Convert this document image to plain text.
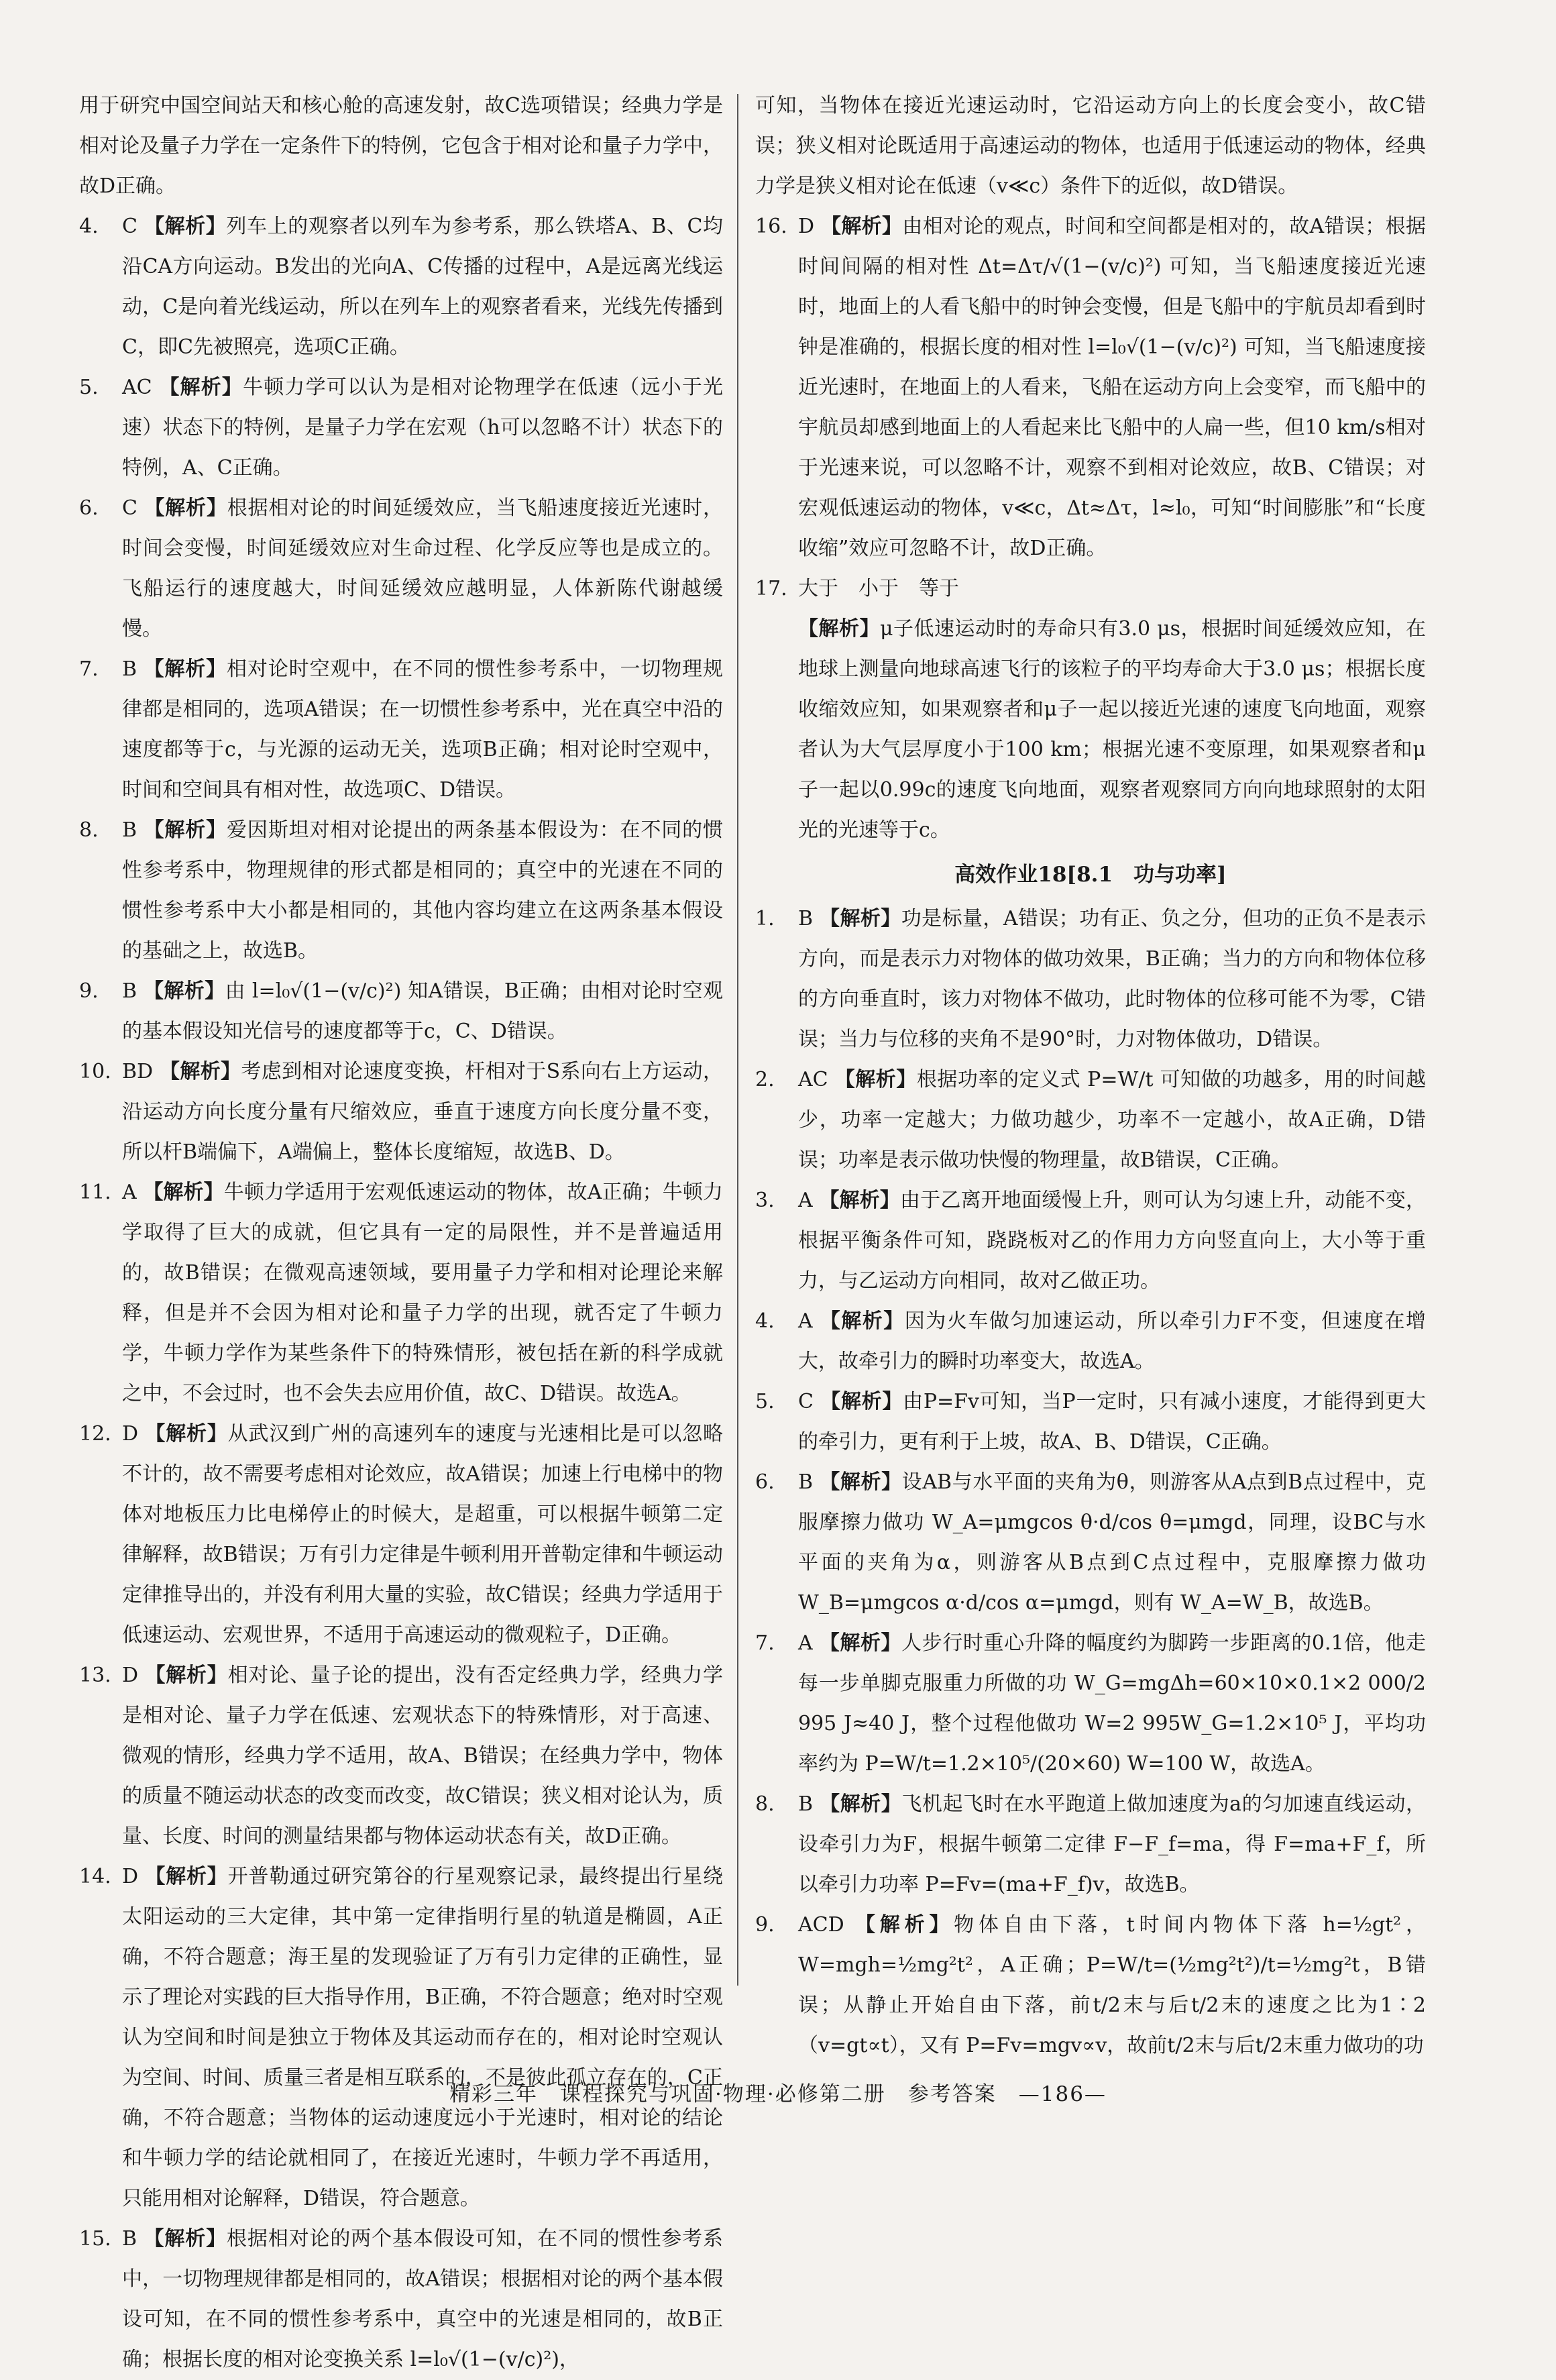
用于研究中国空间站天和核心舱的高速发射，故C选项错误；经典力学是相对论及量子力学在一定条件下的特例，它包含于相对论和量子力学中，故D正确。

4. C 【解析】列车上的观察者以列车为参考系，那么铁塔A、B、C均沿CA方向运动。B发出的光向A、C传播的过程中，A是远离光线运动，C是向着光线运动，所以在列车上的观察者看来，光线先传播到C，即C先被照亮，选项C正确。

5. AC 【解析】牛顿力学可以认为是相对论物理学在低速（远小于光速）状态下的特例，是量子力学在宏观（h可以忽略不计）状态下的特例，A、C正确。

6. C 【解析】根据相对论的时间延缓效应，当飞船速度接近光速时，时间会变慢，时间延缓效应对生命过程、化学反应等也是成立的。飞船运行的速度越大，时间延缓效应越明显，人体新陈代谢越缓慢。

7. B 【解析】相对论时空观中，在不同的惯性参考系中，一切物理规律都是相同的，选项A错误；在一切惯性参考系中，光在真空中沿的速度都等于c，与光源的运动无关，选项B正确；相对论时空观中，时间和空间具有相对性，故选项C、D错误。

8. B 【解析】爱因斯坦对相对论提出的两条基本假设为：在不同的惯性参考系中，物理规律的形式都是相同的；真空中的光速在不同的惯性参考系中大小都是相同的，其他内容均建立在这两条基本假设的基础之上，故选B。

9. B 【解析】由 l=l₀√(1−(v/c)²) 知A错误，B正确；由相对论时空观的基本假设知光信号的速度都等于c，C、D错误。

10. BD 【解析】考虑到相对论速度变换，杆相对于S系向右上方运动，沿运动方向长度分量有尺缩效应，垂直于速度方向长度分量不变，所以杆B端偏下，A端偏上，整体长度缩短，故选B、D。

11. A 【解析】牛顿力学适用于宏观低速运动的物体，故A正确；牛顿力学取得了巨大的成就，但它具有一定的局限性，并不是普遍适用的，故B错误；在微观高速领域，要用量子力学和相对论理论来解释，但是并不会因为相对论和量子力学的出现，就否定了牛顿力学，牛顿力学作为某些条件下的特殊情形，被包括在新的科学成就之中，不会过时，也不会失去应用价值，故C、D错误。故选A。

12. D 【解析】从武汉到广州的高速列车的速度与光速相比是可以忽略不计的，故不需要考虑相对论效应，故A错误；加速上行电梯中的物体对地板压力比电梯停止的时候大，是超重，可以根据牛顿第二定律解释，故B错误；万有引力定律是牛顿利用开普勒定律和牛顿运动定律推导出的，并没有利用大量的实验，故C错误；经典力学适用于低速运动、宏观世界，不适用于高速运动的微观粒子，D正确。

13. D 【解析】相对论、量子论的提出，没有否定经典力学，经典力学是相对论、量子力学在低速、宏观状态下的特殊情形，对于高速、微观的情形，经典力学不适用，故A、B错误；在经典力学中，物体的质量不随运动状态的改变而改变，故C错误；狭义相对论认为，质量、长度、时间的测量结果都与物体运动状态有关，故D正确。

14. D 【解析】开普勒通过研究第谷的行星观察记录，最终提出行星绕太阳运动的三大定律，其中第一定律指明行星的轨道是椭圆，A正确，不符合题意；海王星的发现验证了万有引力定律的正确性，显示了理论对实践的巨大指导作用，B正确，不符合题意；绝对时空观认为空间和时间是独立于物体及其运动而存在的，相对论时空观认为空间、时间、质量三者是相互联系的，不是彼此孤立存在的，C正确，不符合题意；当物体的运动速度远小于光速时，相对论的结论和牛顿力学的结论就相同了，在接近光速时，牛顿力学不再适用，只能用相对论解释，D错误，符合题意。

15. B 【解析】根据相对论的两个基本假设可知，在不同的惯性参考系中，一切物理规律都是相同的，故A错误；根据相对论的两个基本假设可知，在不同的惯性参考系中，真空中的光速是相同的，故B正确；根据长度的相对论变换关系 l=l₀√(1−(v/c)²)，

可知，当物体在接近光速运动时，它沿运动方向上的长度会变小，故C错误；狭义相对论既适用于高速运动的物体，也适用于低速运动的物体，经典力学是狭义相对论在低速（v≪c）条件下的近似，故D错误。

16. D 【解析】由相对论的观点，时间和空间都是相对的，故A错误；根据时间间隔的相对性 Δt=Δτ/√(1−(v/c)²) 可知，当飞船速度接近光速时，地面上的人看飞船中的时钟会变慢，但是飞船中的宇航员却看到时钟是准确的，根据长度的相对性 l=l₀√(1−(v/c)²) 可知，当飞船速度接近光速时，在地面上的人看来，飞船在运动方向上会变窄，而飞船中的宇航员却感到地面上的人看起来比飞船中的人扁一些，但10 km/s相对于光速来说，可以忽略不计，观察不到相对论效应，故B、C错误；对宏观低速运动的物体，v≪c，Δt≈Δτ，l≈l₀，可知“时间膨胀”和“长度收缩”效应可忽略不计，故D正确。

17. 大于　小于　等于

【解析】μ子低速运动时的寿命只有3.0 μs，根据时间延缓效应知，在地球上测量向地球高速飞行的该粒子的平均寿命大于3.0 μs；根据长度收缩效应知，如果观察者和μ子一起以接近光速的速度飞向地面，观察者认为大气层厚度小于100 km；根据光速不变原理，如果观察者和μ子一起以0.99c的速度飞向地面，观察者观察同方向向地球照射的太阳光的光速等于c。

高效作业18[8.1　功与功率]

1. B 【解析】功是标量，A错误；功有正、负之分，但功的正负不是表示方向，而是表示力对物体的做功效果，B正确；当力的方向和物体位移的方向垂直时，该力对物体不做功，此时物体的位移可能不为零，C错误；当力与位移的夹角不是90°时，力对物体做功，D错误。

2. AC 【解析】根据功率的定义式 P=W/t 可知做的功越多，用的时间越少，功率一定越大；力做功越少，功率不一定越小，故A正确，D错误；功率是表示做功快慢的物理量，故B错误，C正确。

3. A 【解析】由于乙离开地面缓慢上升，则可认为匀速上升，动能不变，根据平衡条件可知，跷跷板对乙的作用力方向竖直向上，大小等于重力，与乙运动方向相同，故对乙做正功。

4. A 【解析】因为火车做匀加速运动，所以牵引力F不变，但速度在增大，故牵引力的瞬时功率变大，故选A。

5. C 【解析】由P=Fv可知，当P一定时，只有减小速度，才能得到更大的牵引力，更有利于上坡，故A、B、D错误，C正确。

6. B 【解析】设AB与水平面的夹角为θ，则游客从A点到B点过程中，克服摩擦力做功 W_A=μmgcos θ·d/cos θ=μmgd，同理，设BC与水平面的夹角为α，则游客从B点到C点过程中，克服摩擦力做功 W_B=μmgcos α·d/cos α=μmgd，则有 W_A=W_B，故选B。

7. A 【解析】人步行时重心升降的幅度约为脚跨一步距离的0.1倍，他走每一步单脚克服重力所做的功 W_G=mgΔh=60×10×0.1×2 000/2 995 J≈40 J，整个过程他做功 W=2 995W_G=1.2×10⁵ J，平均功率约为 P=W/t=1.2×10⁵/(20×60) W=100 W，故选A。

8. B 【解析】飞机起飞时在水平跑道上做加速度为a的匀加速直线运动，设牵引力为F，根据牛顿第二定律 F−F_f=ma，得 F=ma+F_f，所以牵引力功率 P=Fv=(ma+F_f)v，故选B。

9. ACD 【解析】物体自由下落，t时间内物体下落 h=½gt²，W=mgh=½mg²t²，A正确；P=W/t=(½mg²t²)/t=½mg²t，B错误；从静止开始自由下落，前t/2末与后t/2末的速度之比为1∶2（v=gt∝t），又有 P=Fv=mgv∝v，故前t/2末与后t/2末重力做功的功

精彩三年　课程探究与巩固·物理·必修第二册　参考答案　—186—
